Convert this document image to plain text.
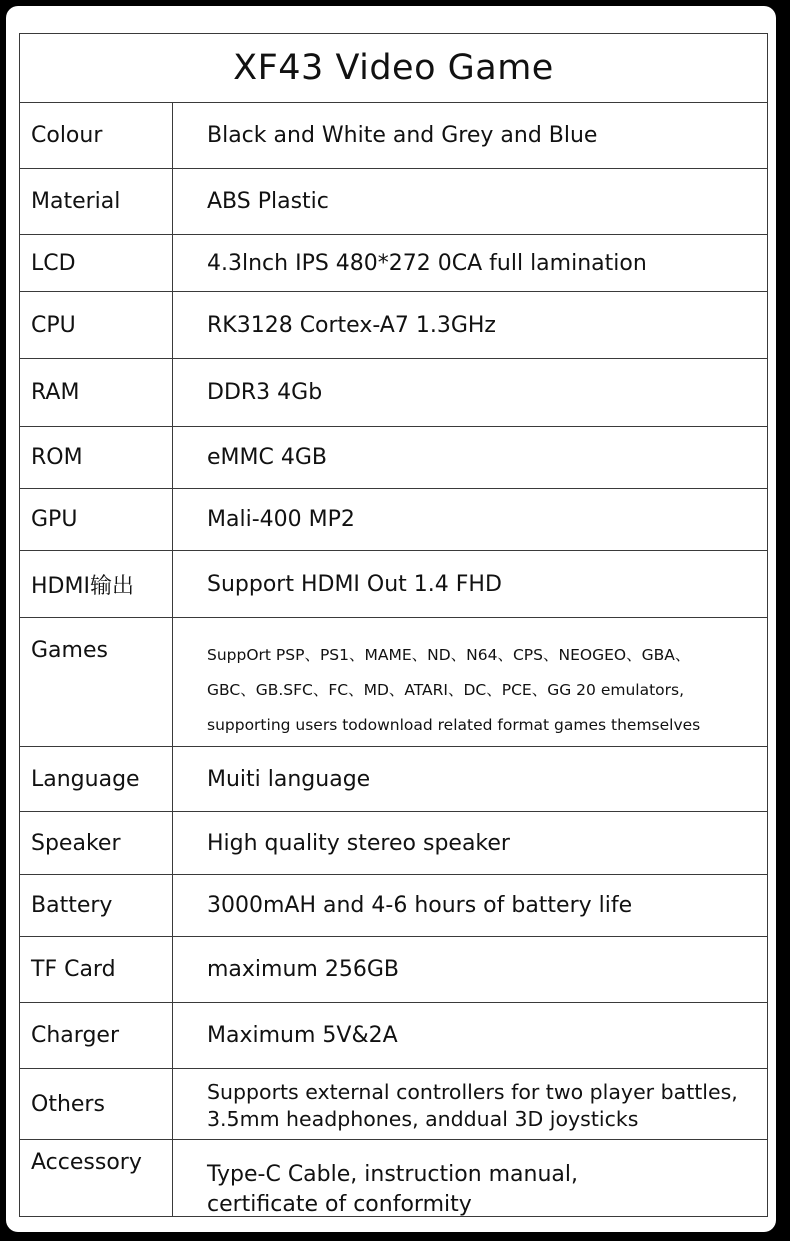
XF43 Video Game
Colour	Black and White and Grey and Blue
Material	ABS Plastic
LCD	4.3lnch IPS 480*272 0CA full lamination
CPU	RK3128 Cortex-A7 1.3GHz
RAM	DDR3 4Gb
ROM	eMMC 4GB
GPU	Mali-400 MP2
HDMI输出	Support HDMI Out 1.4 FHD
Games	SuppOrt PSP、PS1、MAME、ND、N64、CPS、NEOGEO、GBA、
GBC、GB.SFC、FC、MD、ATARI、DC、PCE、GG 20 emulators,
supporting users todownload related format games themselves
Language	Muiti language
Speaker	High quality stereo speaker
Battery	3000mAH and 4-6 hours of battery life
TF Card	maximum 256GB
Charger	Maximum 5V&2A
Others	Supports external controllers for two player battles,
3.5mm headphones, anddual 3D joysticks
Accessory	Type-C Cable, instruction manual,
certificate of conformity
